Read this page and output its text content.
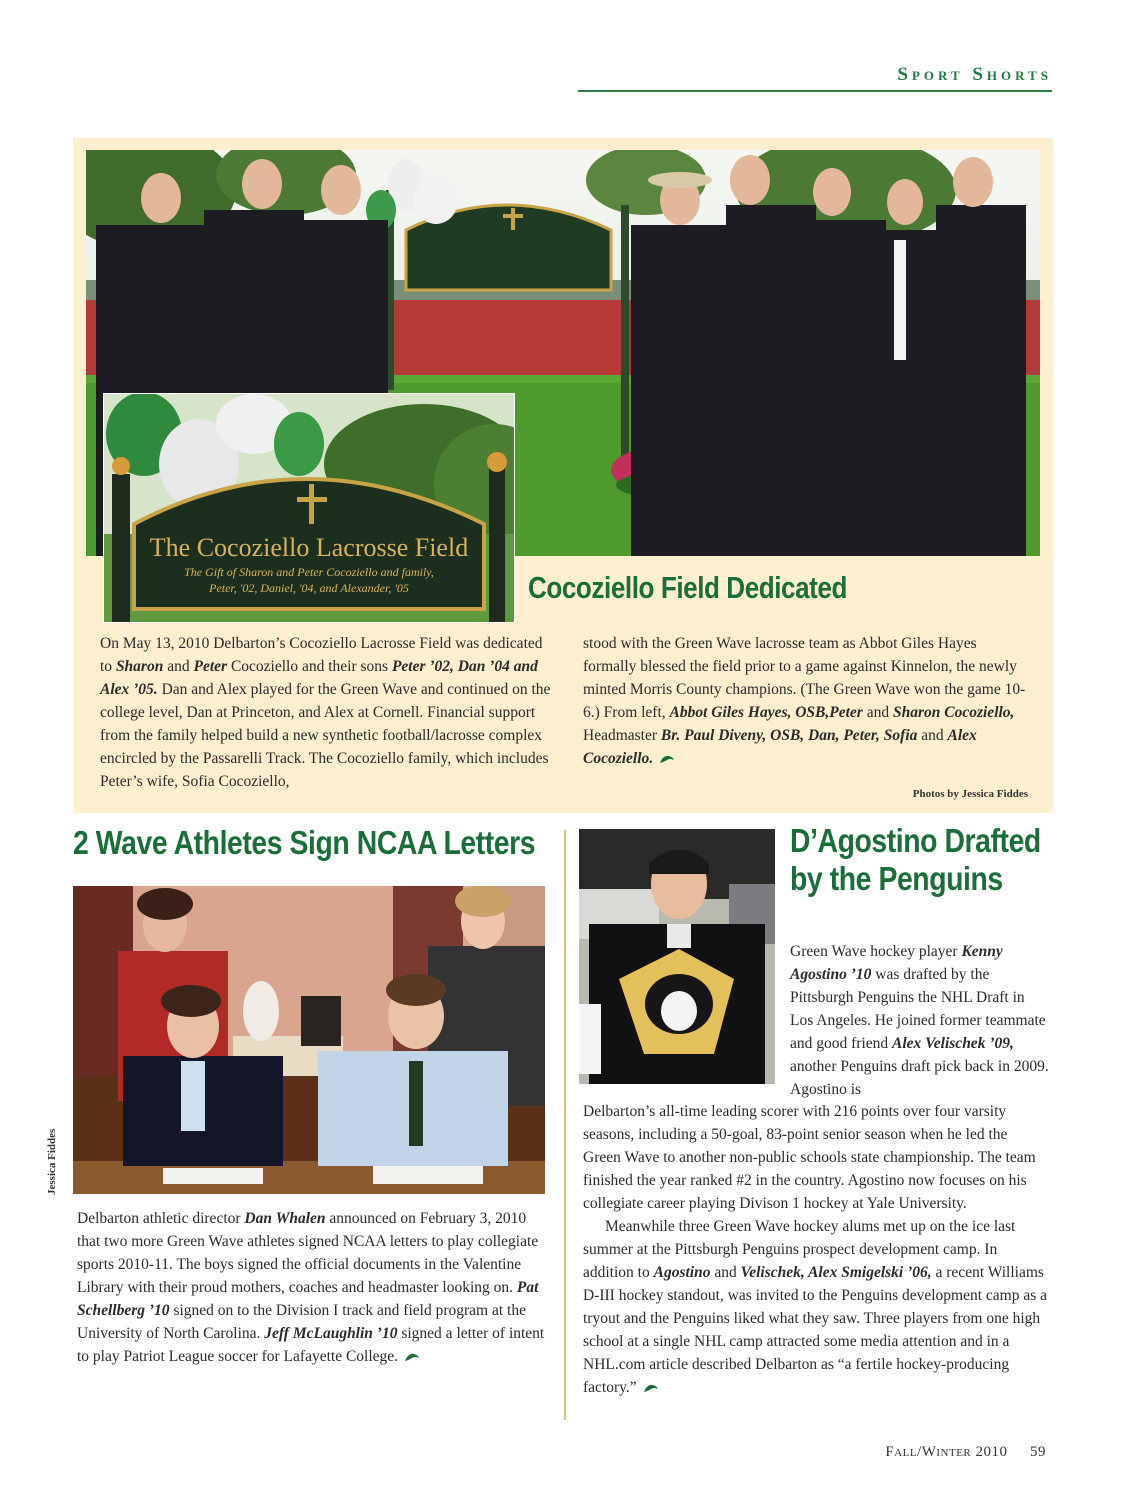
Sport Shorts
The Cocoziello Lacrosse Field
The Gift of Sharon and Peter Cocoziello and family,
Peter, '02, Daniel, '04, and Alexander, '05	Cocoziello Field Dedicated

On May 13, 2010 Delbarton’s Cocoziello Lacrosse Field was dedicated to Sharon and Peter Cocoziello and their sons Peter ’02, Dan ’04 and Alex ’05. Dan and Alex played for the Green Wave and continued on the college level, Dan at Princeton, and Alex at Cornell. Financial support from the family helped build a new synthetic football/lacrosse complex encircled by the Passarelli Track. The Cocoziello family, which includes Peter’s wife, Sofia Cocoziello,

stood with the Green Wave lacrosse team as Abbot Giles Hayes formally blessed the field prior to a game against Kinnelon, the newly minted Morris County champions. (The Green Wave won the game 10-6.) From left, Abbot Giles Hayes, OSB,Peter and Sharon Cocoziello, Headmaster Br. Paul Diveny, OSB, Dan, Peter, Sofia and Alex Cocoziello.

Photos by Jessica Fiddes
2 Wave Athletes Sign NCAA Letters
Jessica Fiddes

Delbarton athletic director Dan Whalen announced on February 3, 2010 that two more Green Wave athletes signed NCAA letters to play collegiate sports 2010-11. The boys signed the official documents in the Valentine Library with their proud mothers, coaches and headmaster looking on. Pat Schellberg ’10 signed on to the Division I track and field program at the University of North Carolina. Jeff McLaughlin ’10 signed a letter of intent to play Patriot League soccer for Lafayette College.

D’Agostino Drafted
by the Penguins

Green Wave hockey player Kenny Agostino ’10 was drafted by the Pittsburgh Penguins the NHL Draft in Los Angeles. He joined former teammate and good friend Alex Velischek ’09, another Penguins draft pick back in 2009. Agostino is

Delbarton’s all-time leading scorer with 216 points over four varsity seasons, including a 50-goal, 83-point senior season when he led the Green Wave to another non-public schools state championship. The team finished the year ranked #2 in the country. Agostino now focuses on his collegiate career playing Divison 1 hockey at Yale University.

Meanwhile three Green Wave hockey alums met up on the ice last summer at the Pittsburgh Penguins prospect development camp. In addition to Agostino and Velischek, Alex Smigelski ’06, a recent Williams D-III hockey standout, was invited to the Penguins development camp as a tryout and the Penguins liked what they saw. Three players from one high school at a single NHL camp attracted some media attention and in a NHL.com article described Delbarton as “a fertile hockey-producing factory.”

Fall/Winter 2010 59
